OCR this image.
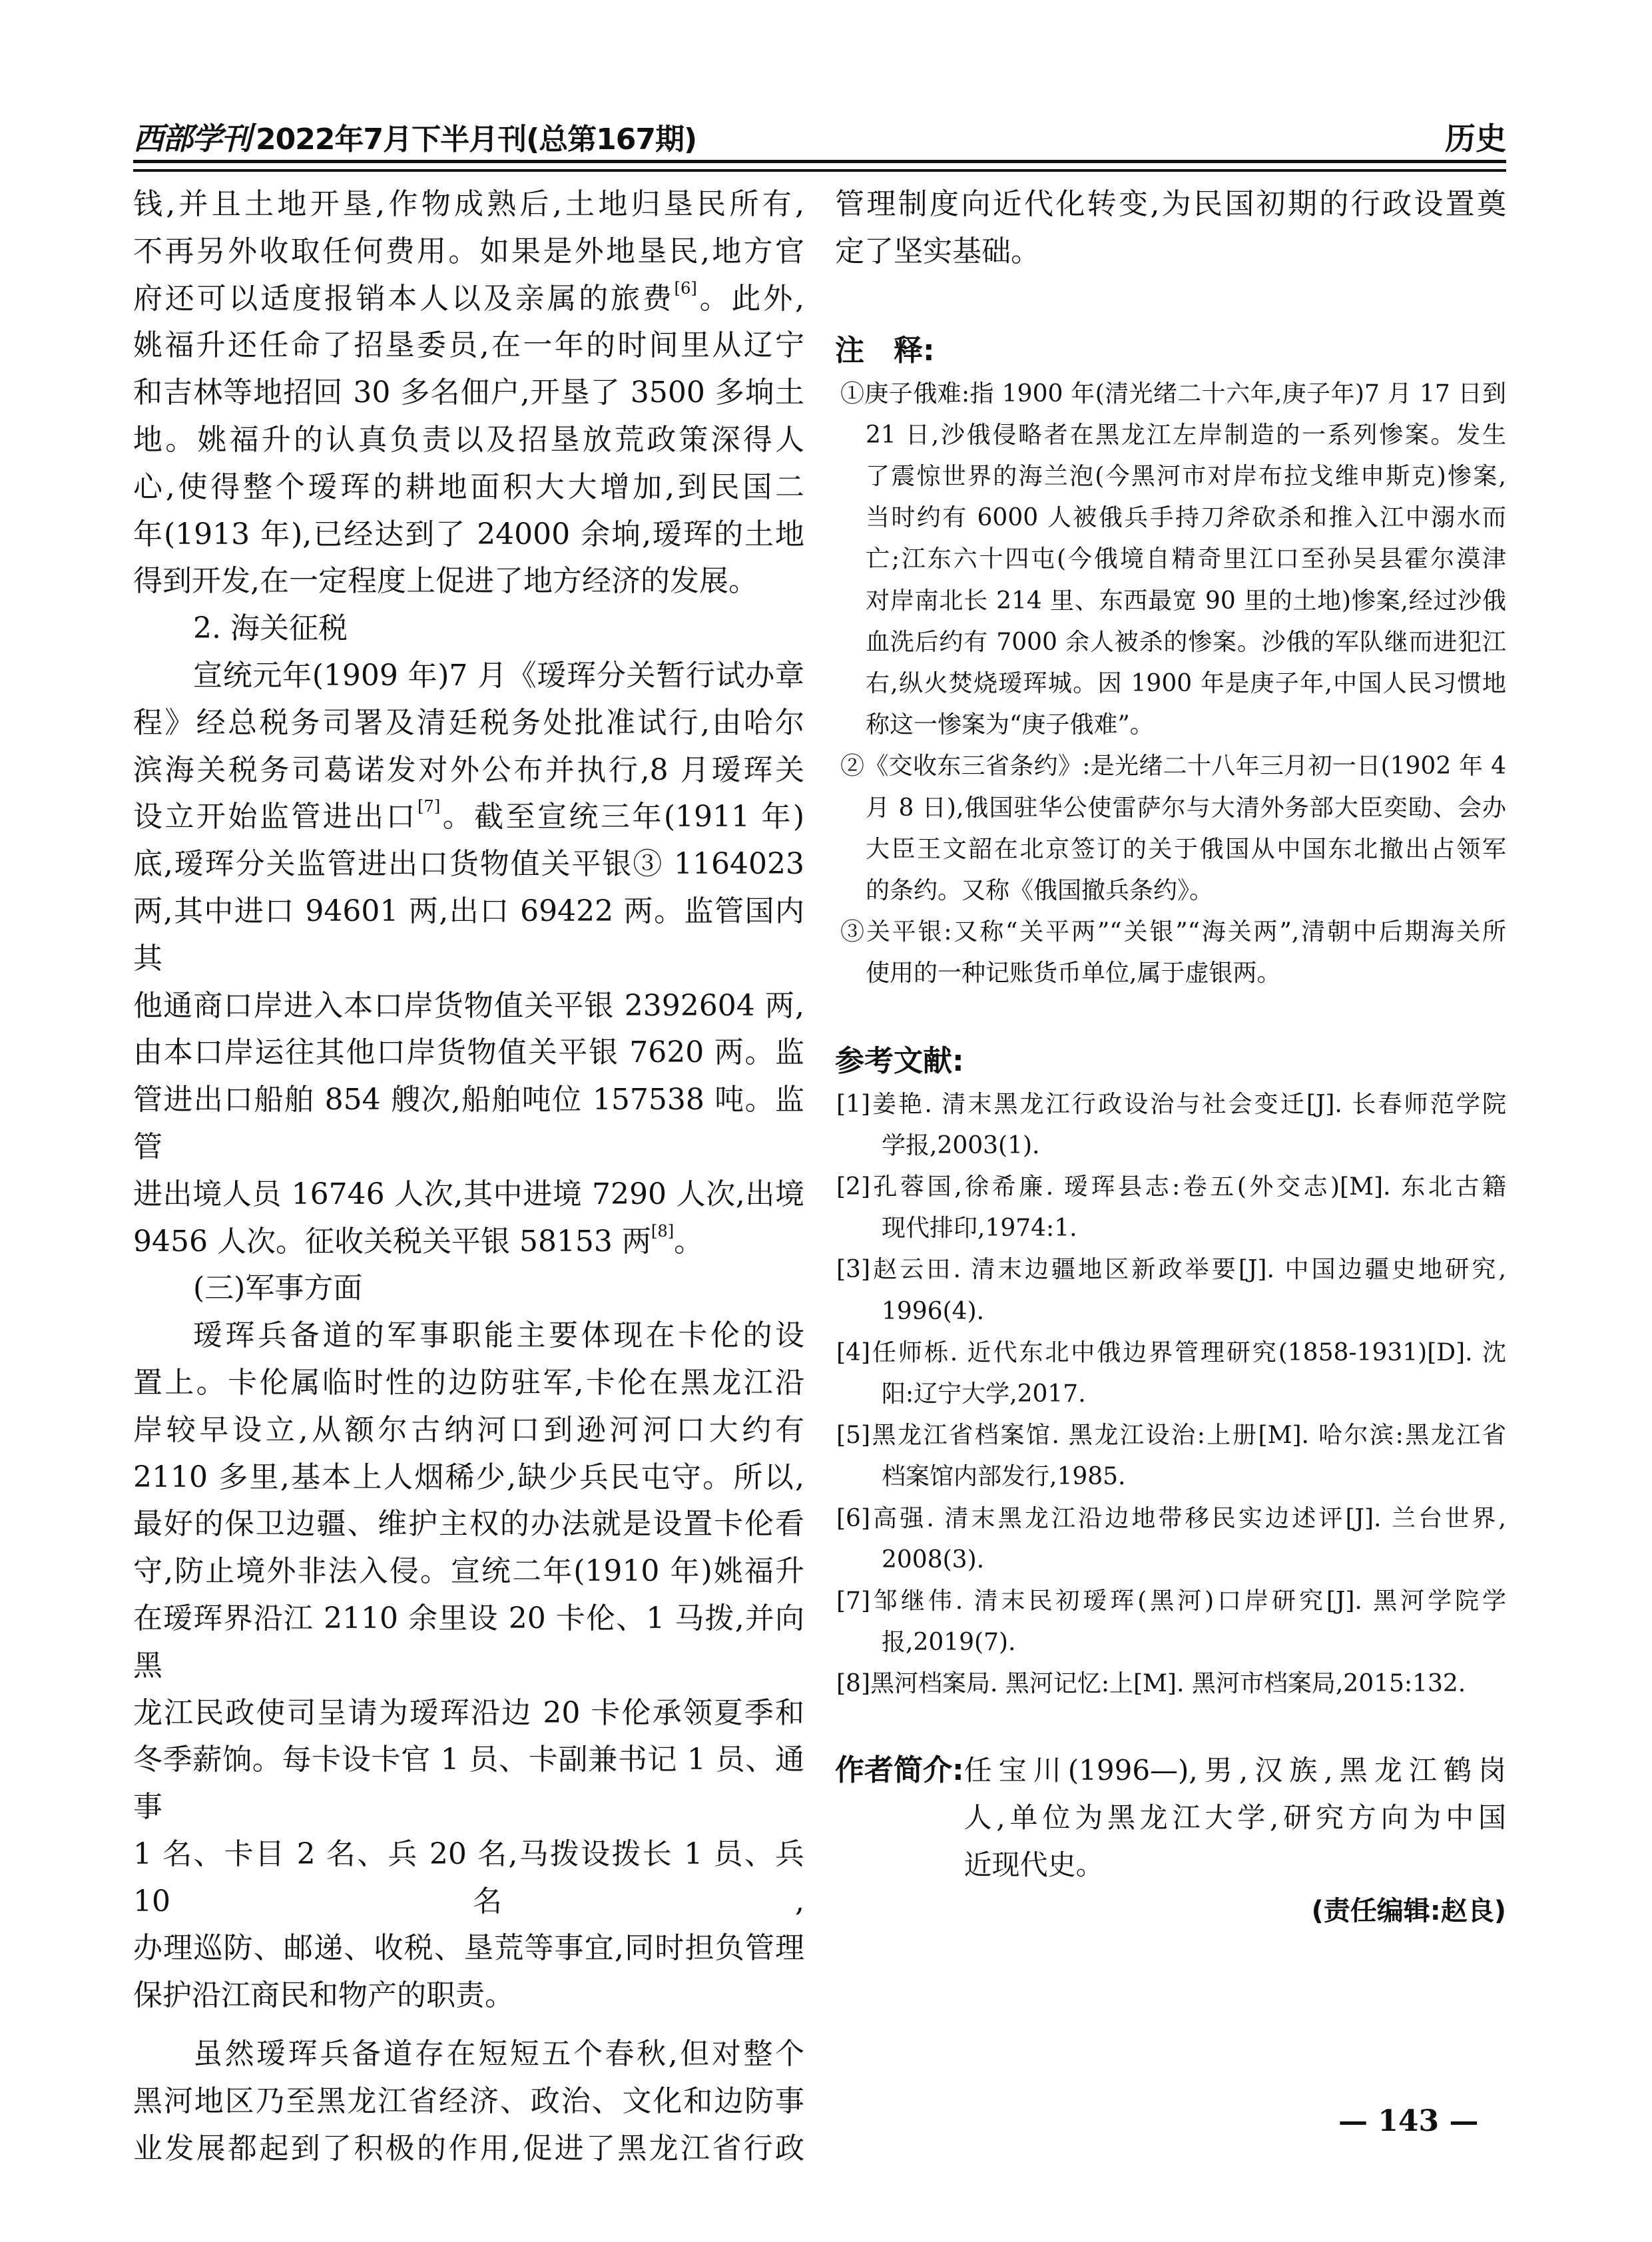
西部学刊 2022年7月下半月刊(总第167期)	历史
钱,并且土地开垦,作物成熟后,土地归垦民所有,
不再另外收取任何费用。如果是外地垦民,地方官
府还可以适度报销本人以及亲属的旅费[6]。此外,
姚福升还任命了招垦委员,在一年的时间里从辽宁
和吉林等地招回 30 多名佃户,开垦了 3500 多垧土
地。姚福升的认真负责以及招垦放荒政策深得人
心,使得整个瑷珲的耕地面积大大增加,到民国二
年(1913 年),已经达到了 24000 余垧,瑷珲的土地
得到开发,在一定程度上促进了地方经济的发展。
2. 海关征税
宣统元年(1909 年)7 月《瑷珲分关暂行试办章
程》经总税务司署及清廷税务处批准试行,由哈尔
滨海关税务司葛诺发对外公布并执行,8 月瑷珲关
设立开始监管进出口[7]。截至宣统三年(1911 年)
底,瑷珲分关监管进出口货物值关平银③ 1164023
两,其中进口 94601 两,出口 69422 两。监管国内其
他通商口岸进入本口岸货物值关平银 2392604 两,
由本口岸运往其他口岸货物值关平银 7620 两。监
管进出口船舶 854 艘次,船舶吨位 157538 吨。监管
进出境人员 16746 人次,其中进境 7290 人次,出境
9456 人次。征收关税关平银 58153 两[8]。
(三)军事方面
瑷珲兵备道的军事职能主要体现在卡伦的设
置上。卡伦属临时性的边防驻军,卡伦在黑龙江沿
岸较早设立,从额尔古纳河口到逊河河口大约有
2110 多里,基本上人烟稀少,缺少兵民屯守。所以,
最好的保卫边疆、维护主权的办法就是设置卡伦看
守,防止境外非法入侵。宣统二年(1910 年)姚福升
在瑷珲界沿江 2110 余里设 20 卡伦、1 马拨,并向黑
龙江民政使司呈请为瑷珲沿边 20 卡伦承领夏季和
冬季薪饷。每卡设卡官 1 员、卡副兼书记 1 员、通事
1 名、卡目 2 名、兵 20 名,马拨设拨长 1 员、兵 10 名,
办理巡防、邮递、收税、垦荒等事宜,同时担负管理
保护沿江商民和物产的职责。
虽然瑷珲兵备道存在短短五个春秋,但对整个
黑河地区乃至黑龙江省经济、政治、文化和边防事
业发展都起到了积极的作用,促进了黑龙江省行政
管理制度向近代化转变,为民国初期的行政设置奠
定了坚实基础。
注　释:
①庚子俄难:指 1900 年(清光绪二十六年,庚子年)7 月 17 日到
21 日,沙俄侵略者在黑龙江左岸制造的一系列惨案。发生
了震惊世界的海兰泡(今黑河市对岸布拉戈维申斯克)惨案,
当时约有 6000 人被俄兵手持刀斧砍杀和推入江中溺水而
亡;江东六十四屯(今俄境自精奇里江口至孙吴县霍尔漠津
对岸南北长 214 里、东西最宽 90 里的土地)惨案,经过沙俄
血洗后约有 7000 余人被杀的惨案。沙俄的军队继而进犯江
右,纵火焚烧瑷珲城。因 1900 年是庚子年,中国人民习惯地
称这一惨案为“庚子俄难”。
②《交收东三省条约》:是光绪二十八年三月初一日(1902 年 4
月 8 日),俄国驻华公使雷萨尔与大清外务部大臣奕劻、会办
大臣王文韶在北京签订的关于俄国从中国东北撤出占领军
的条约。又称《俄国撤兵条约》。
③关平银:又称“关平两”“关银”“海关两”,清朝中后期海关所
使用的一种记账货币单位,属于虚银两。
参考文献:
[1]姜艳. 清末黑龙江行政设治与社会变迁[J]. 长春师范学院
学报,2003(1).
[2]孔蓉国,徐希廉. 瑷珲县志:卷五(外交志)[M]. 东北古籍
现代排印,1974:1.
[3]赵云田. 清末边疆地区新政举要[J]. 中国边疆史地研究,
1996(4).
[4]任师栎. 近代东北中俄边界管理研究(1858-1931)[D]. 沈
阳:辽宁大学,2017.
[5]黑龙江省档案馆. 黑龙江设治:上册[M]. 哈尔滨:黑龙江省
档案馆内部发行,1985.
[6]高强. 清末黑龙江沿边地带移民实边述评[J]. 兰台世界,
2008(3).
[7]邹继伟. 清末民初瑷珲(黑河)口岸研究[J]. 黑河学院学
报,2019(7).
[8]黑河档案局. 黑河记忆:上[M]. 黑河市档案局,2015:132.
作者简介: 任宝川(1996—),男,汉族,黑龙江鹤岗
人,单位为黑龙江大学,研究方向为中国
近现代史。
(责任编辑:赵良)
— 143 —
